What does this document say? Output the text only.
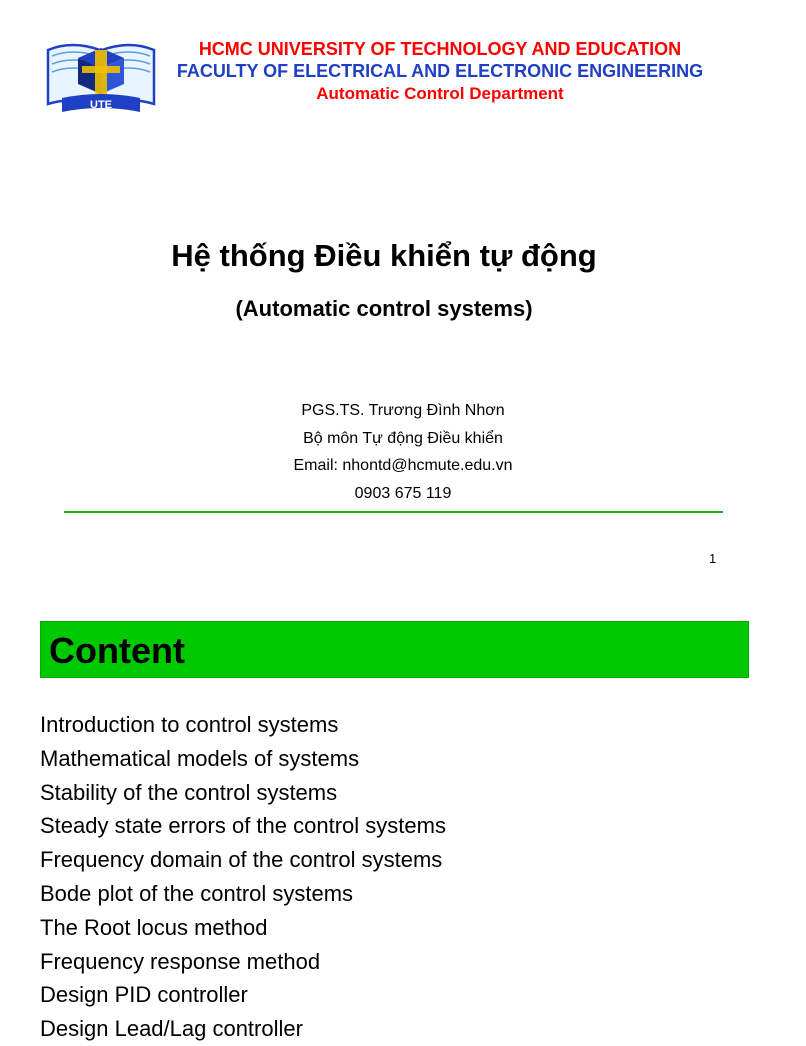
UTE
HCMC UNIVERSITY OF TECHNOLOGY AND EDUCATION
FACULTY OF ELECTRICAL AND ELECTRONIC ENGINEERING
Automatic Control Department
Hệ thống Điều khiển tự động
(Automatic control systems)
PGS.TS. Trương Đình Nhơn
Bộ môn Tự động Điều khiển
Email: nhontd@hcmute.edu.vn
0903 675 119
1
Content
Introduction to control systems
Mathematical models of systems
Stability of the control systems
Steady state errors of the control systems
Frequency domain of the control systems
Bode plot of the control systems
The Root locus method
Frequency response method
Design PID controller
Design Lead/Lag controller
